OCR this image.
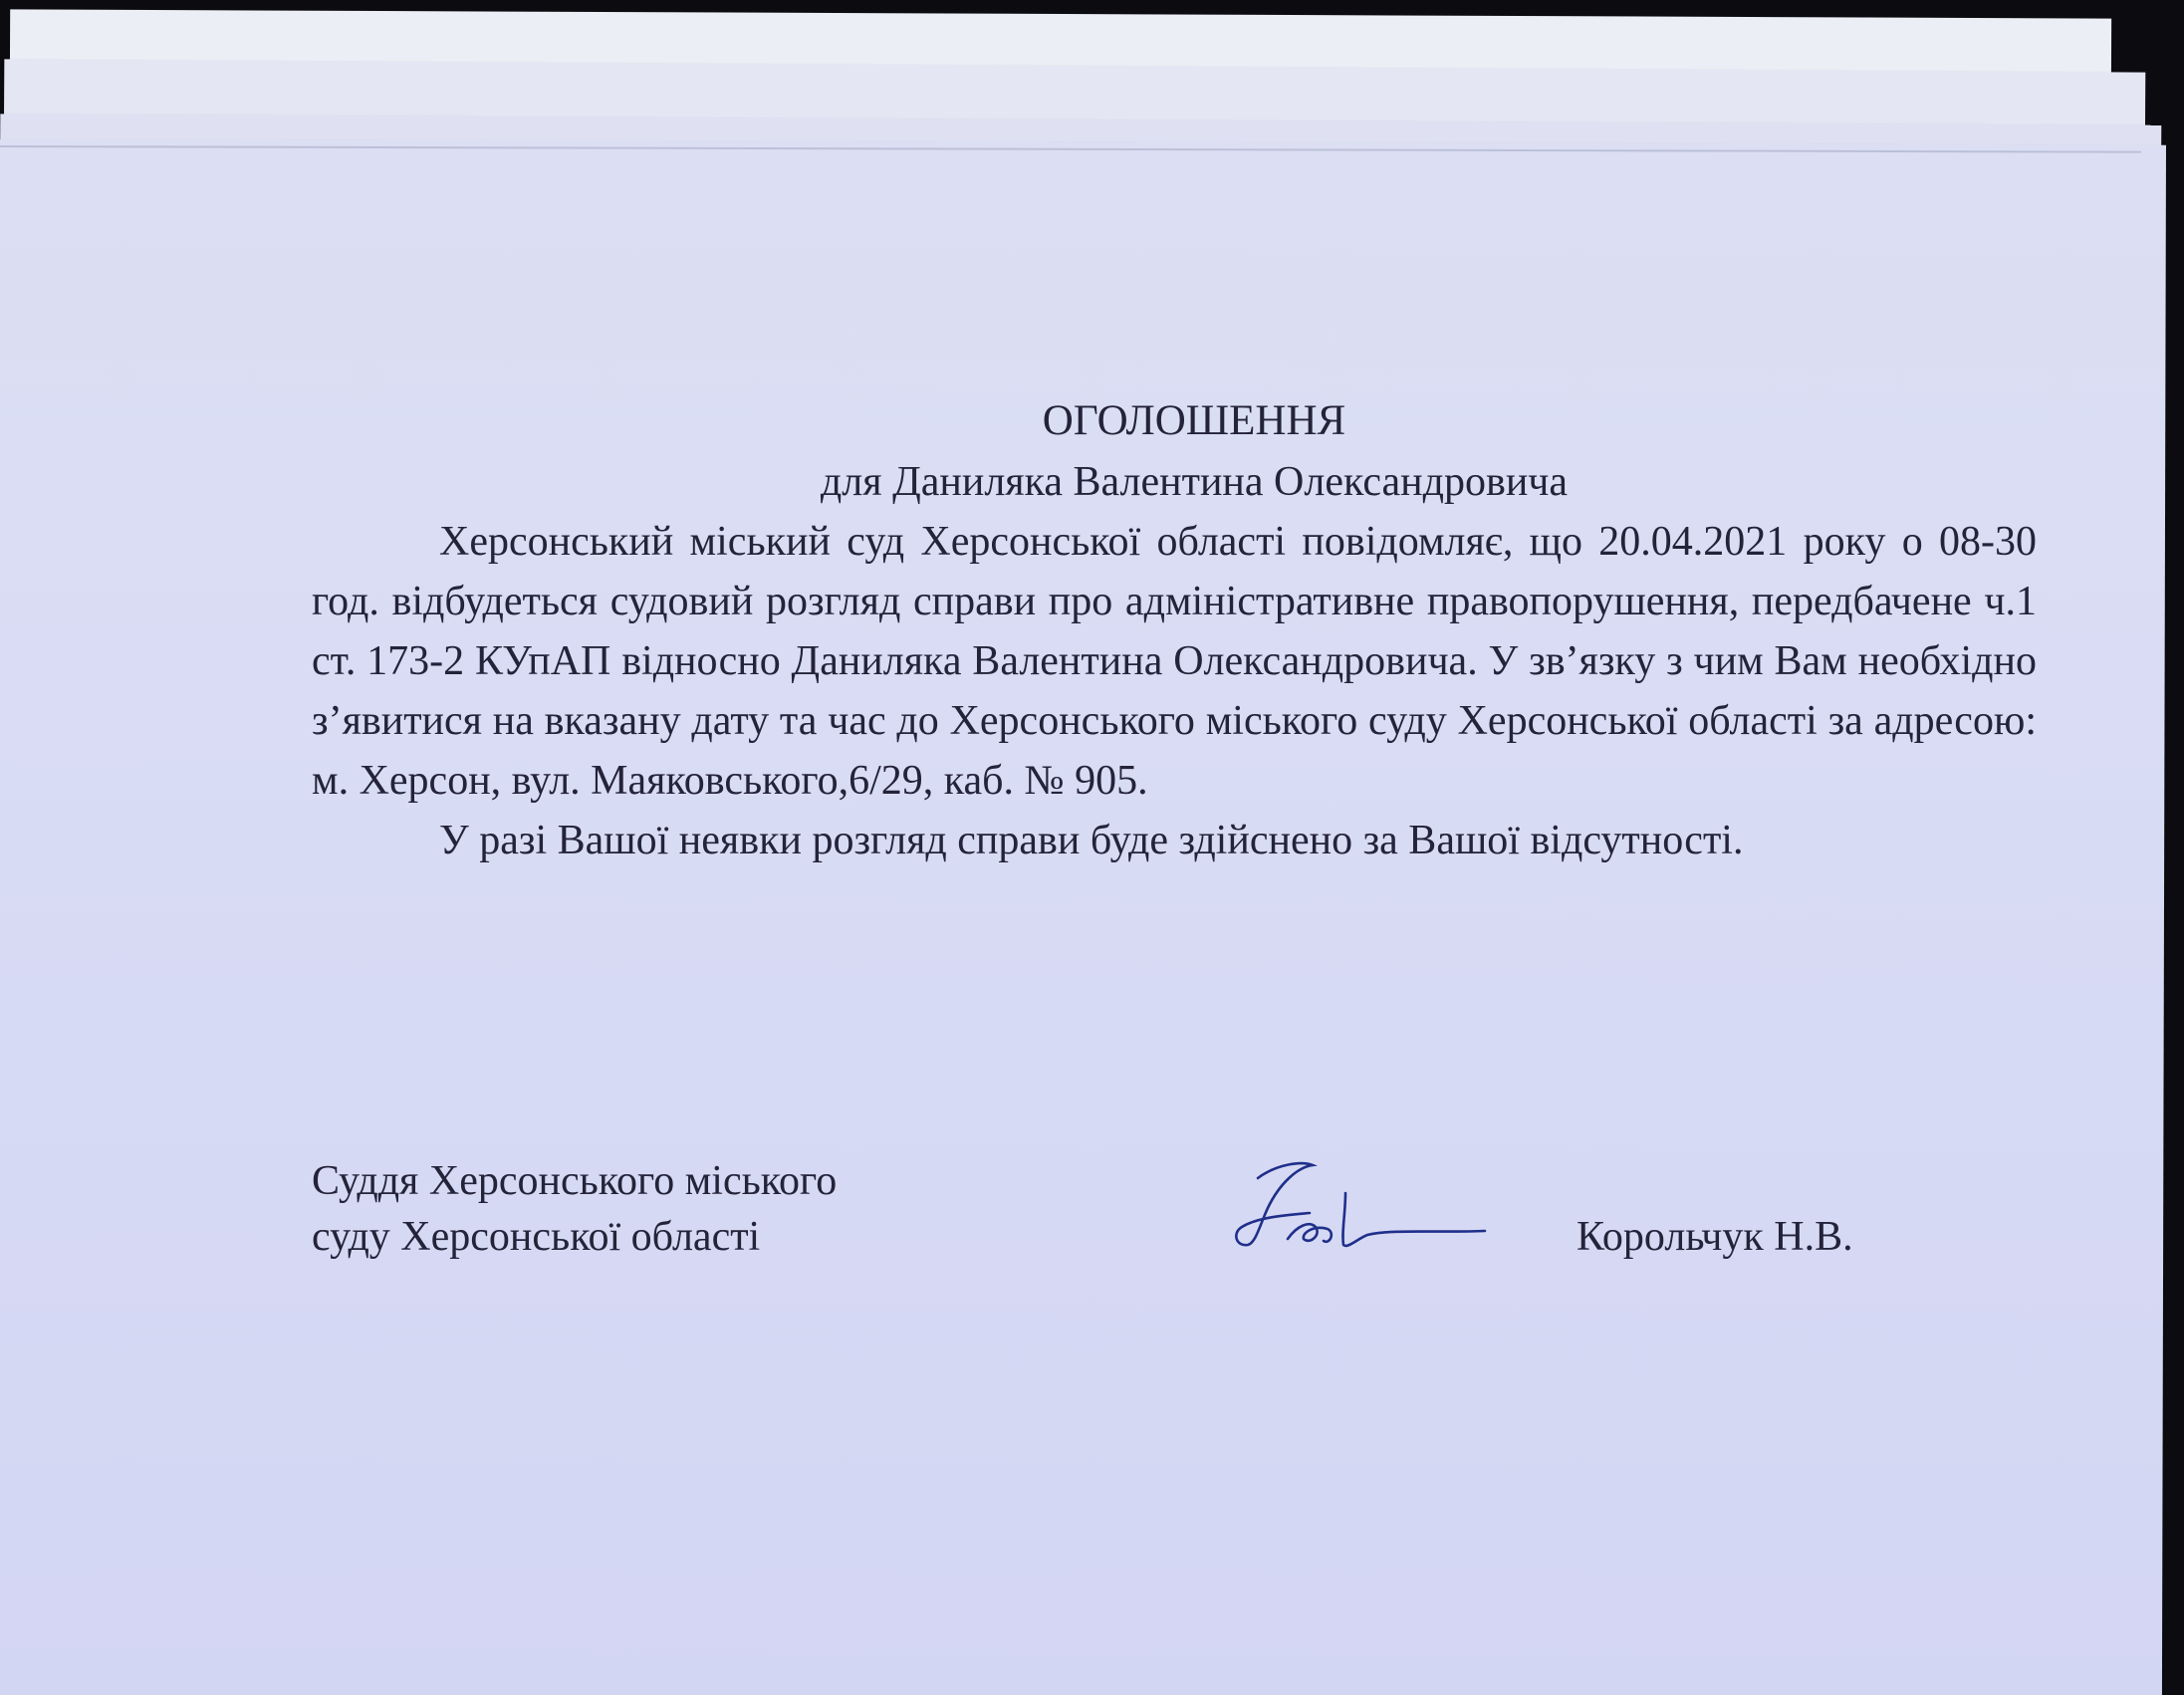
ОГОЛОШЕННЯ

для Даниляка Валентина Олександровича

Херсонський міський суд Херсонської області повідомляє, що 20.04.2021 року о 08-30 год. відбудеться судовий розгляд справи про адміністративне правопорушення, передбачене ч.1 ст. 173-2 КУпАП відносно Даниляка Валентина Олександровича. У зв’язку з чим Вам необхідно з’явитися на вказану дату та час до Херсонського міського суду Херсонської області за адресою: м. Херсон, вул. Маяковського,6/29, каб. № 905.

У разі Вашої неявки розгляд справи буде здійснено за Вашої відсутності.

Суддя Херсонського міського
суду Херсонської області	Корольчук Н.В.
